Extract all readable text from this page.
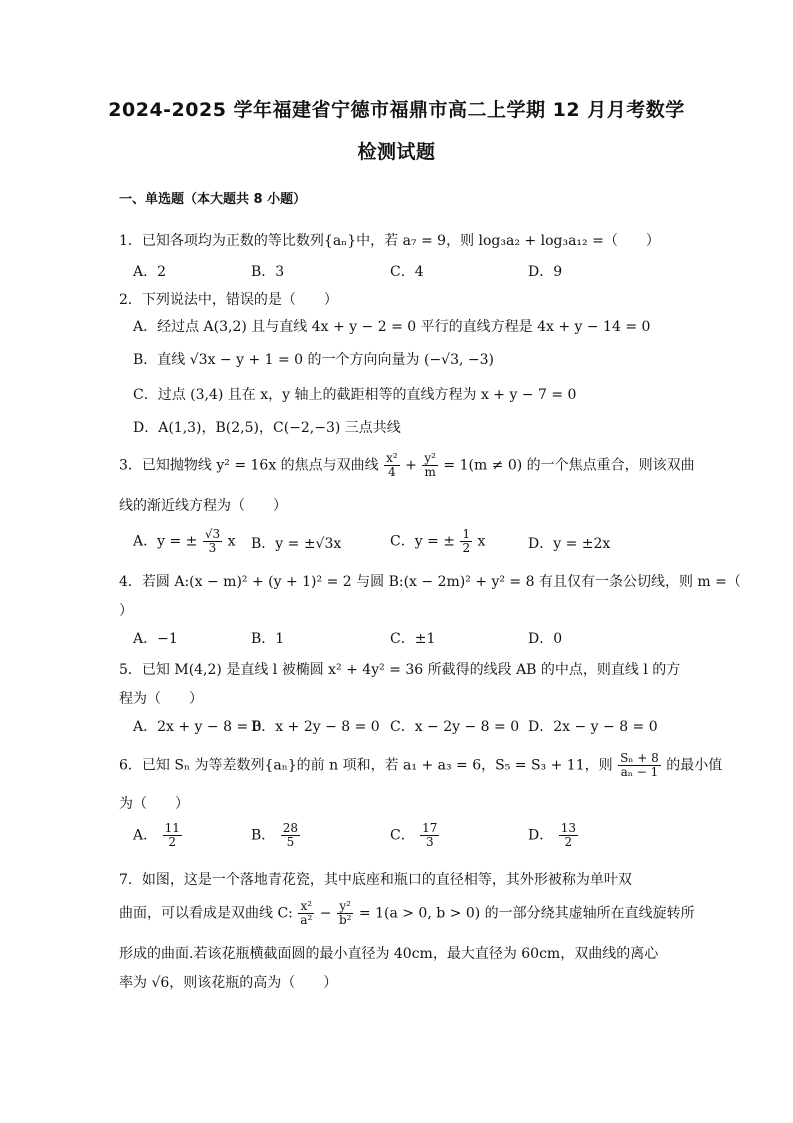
2024-2025 学年福建省宁德市福鼎市高二上学期 12 月月考数学
检测试题
一、单选题（本大题共 8 小题）
1．已知各项均为正数的等比数列{aₙ}中，若 a₇ = 9，则 log₃a₂ + log₃a₁₂ =（　　）
A．2	B．3	C．4	D．9
2．下列说法中，错误的是（　　）
A．经过点 A(3,2) 且与直线 4x + y − 2 = 0 平行的直线方程是 4x + y − 14 = 0
B．直线 √3x − y + 1 = 0 的一个方向向量为 (−√3, −3)
C．过点 (3,4) 且在 x，y 轴上的截距相等的直线方程为 x + y − 7 = 0
D．A(1,3)，B(2,5)，C(−2,−3) 三点共线
3．已知抛物线 y² = 16x 的焦点与双曲线 $\frac{\text{x²}}{4} + \frac{\text{y²}}{m} = 1(m \ne 0)$ 的一个焦点重合，则该双曲
线的渐近线方程为（　　）
A．y = ± $\frac{√3}{3}$ x B．y = ±√3x	C．y = ± $\frac{1}{2}$ x	D．y = ±2x
4．若圆 A:(x − m)² + (y + 1)² = 2 与圆 B:(x − 2m)² + y² = 8 有且仅有一条公切线，则 m =（
）
A．−1	B．1	C．±1	D．0
5．已知 M(4,2) 是直线 l 被椭圆 x² + 4y² = 36 所截得的线段 AB 的中点，则直线 l 的方
程为（　　）
A．2x + y − 8 = 0
B．x + 2y − 8 = 0 C．x − 2y − 8 = 0 D．2x − y − 8 = 0
6．已知 Sₙ 为等差数列{aₙ}的前 n 项和，若 a₁ + a₃ = 6，S₅ = S₃ + 11，则 $\frac{\text{Sₙ + 8}}{\text{aₙ − 1}}$ 的最小值
为（　　）
A． $\frac{11}{2}$	B． $\frac{28}{5}$	C． $\frac{17}{3}$	D． $\frac{13}{2}$
7．如图，这是一个落地青花瓷，其中底座和瓶口的直径相等，其外形被称为单叶双
曲面，可以看成是双曲线 C: $\frac{\text{x²}}{\text{a²}} - \frac{\text{y²}}{\text{b²}} = 1(a > 0$, b > 0) 的一部分绕其虚轴所在直线旋转所
形成的曲面.若该花瓶横截面圆的最小直径为 40cm，最大直径为 60cm，双曲线的离心
率为 √6，则该花瓶的高为（　　）
